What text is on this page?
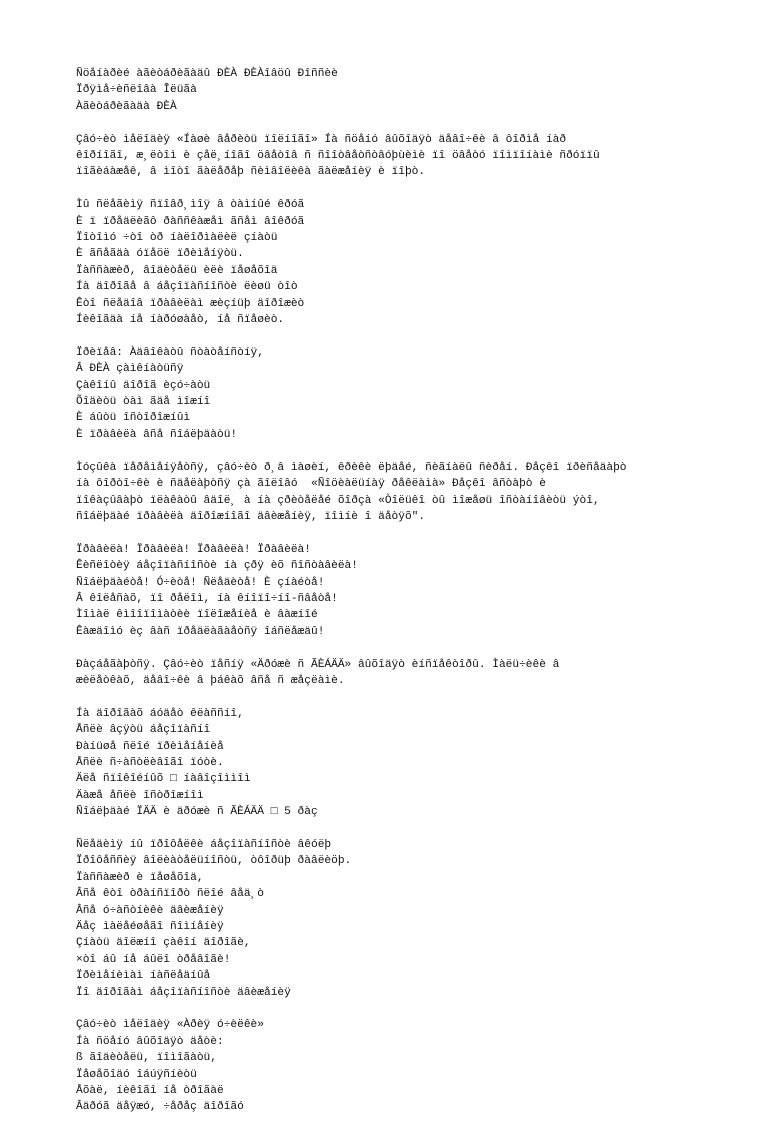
Ñöåíàðèé àãèòáðèãàäû ÐÈÀ ÐÈÀîâöû Ðîññèè
Ïðÿìå÷èñëîâà Îëüãà
Àãèòáðèãàäà ÐÈÀ
Çâó÷èò ìåëîäèÿ «Íàøè âåðèòü ïîëíîãî» Íà ñöåíó âûõîäÿò äåâî÷êè â ôîðìå íàð
êîðíîãî, æ¸ëòîì è çåë¸íîãî öâåòîâ ñ ñîîòâåòñòâóþùèìè ïî öâåòó ïîìïîíàìè ñðóïïû
ïîãèáàæåê, â ìîòî ãàëåðåþ ñèìâîëèêà ãàëæåíèÿ è ïîþò.
Ìû ñëåãèìÿ ñïîâð¸ìîÿ â òàìíûé êðóã
È ï ïðåäëèãô ðàññêàæåì ãñåì âîêðóã
Ïîòîìó ÷òî òð íàëîðìàëèë çíàòü
È ãñåãäà óïåöë ïðèìåíÿòü.
Ïàññàæèð, âîäèòåëü èëè ïåøåõîä
Íà äîðîãå â áåçîïàñíîñòè ëèøü òîò
Êòî ñëåäîâ ïðàâèëàì æèçíüþ äîðîæèò
Íèêîãäà íå íàðóøàåò, íå ñïåøèò.
Ïðèïåâ: Àäâîêàòû ñòàòåíñòíÿ,
Â ÐÈÀ çàìêíàòüñÿ
Çàêîíû äîðîã èçó÷àòü
Õîäèòü òàì ãäå ìîæíî
È áûòü îñòîðîæíûì
È ïðàâèëà âñå ñîáëþäàòü!
Ìóçûêà ïåðåìåíÿåòñÿ, çâó÷èò ð¸â ìàøèí, êðèêè ëþäåé, ñèãíàëû ñèðåí. Ðåçêî ïðèñåäàþò
íà ôîðòî÷êè è ñäåëàþòñÿ çà ãîëîâó  «Ñîöèàëüíàÿ ðåêëàìà» Ðåçêî âñòàþò è
ïîêàçûâàþò ïëàêàòû âäîë¸ à íà çðèòåëåé õîðçà «Òîëüêî òû ìîæåøü îñòàíîâèòü ýòî,
ñîáëþäàé ïðàâèëà äîðîæíîãî äâèæåíèÿ, ïîìíè î äåòÿõ".
Ïðàâèëà! Ïðàâèëà! Ïðàâèëà! Ïðàâèëà!
Êèñëîòèÿ áåçîïàñíîñòè íà çðÿ èõ ñîñòàâèëà!
Ñîáëþäàéòå! Ó÷èòå! Ñëåäèòå! È çíàéòå!
Â êîëåñàõ, ïî ðåëîì, íà êíîïî÷íî-ñâåòå!
Ìîìàë êìîîïîìàòèè ïîëîæåíèå è âàæíîé
Êàæäîìó èç âàñ ïðåäëàãàåòñÿ îáñëåæäû!
Ðàçáåãàþòñÿ. Çâó÷èò ïåñíÿ «Äðóæè ñ ÃÈÁÄÄ» âûõîäÿò èíñïåêòîðû. Ìàëü÷èêè â
æèëåòêàõ, äåâî÷êè â þáêàõ âñå ñ æåçëàìè.
Íà äîðîãàõ áóäåò êëàññíî,
Åñëè âçÿòü áåçîïàñíî
Ðàíüøå ñëîé ïðèìåíåíèå
Åñëè ñ÷àñòëèâîãî ïóòè.
Äëå ñïîêîéíûõ □ íàâîçîììîì
Äàæå åñëè îñòðîæíîì
Ñîáëþäàé ÏÄÄ è äðóæè ñ ÃÈÁÄÄ □ 5 ðàç
Ñëåäèìÿ íû ïðîôåëêè áåçîïàñíîñòè âêóëþ
Ïðîôåññèÿ âîëèàòåëüíîñòü, òôîðüþ ðàâëèöþ.
Ïàññàæèð è ïåøåõîä,
Âñå êòî òðàíñïîðò ñëîé âåä¸ò
Âñå ó÷àñòíèêè äâèæåíèÿ
Äåç ìàëåéøåãî ñîìíåíèÿ
Çíàòü äîëæíî çàêîí äîðîãè,
×òî áû íå áûëî òðåâîãè!
Ïðèìåíèìàì íàñëåäíûå
Ïî äîðîãàì áåçîïàñíîñòè äâèæåíèÿ
Çâó÷èò ìåëîäèÿ «Àðèÿ ó÷èëêè»
Íà ñöåíó âûõîäÿò äåòè:
ß ãîäèòåëü, ïîìîãàòü,
Ïåøåõîäó îáúÿñíèòü
Åõàë, íèêîãî íå òðîãàë
Âäðóã äåÿæó, ÷åðåç äîðîãó
